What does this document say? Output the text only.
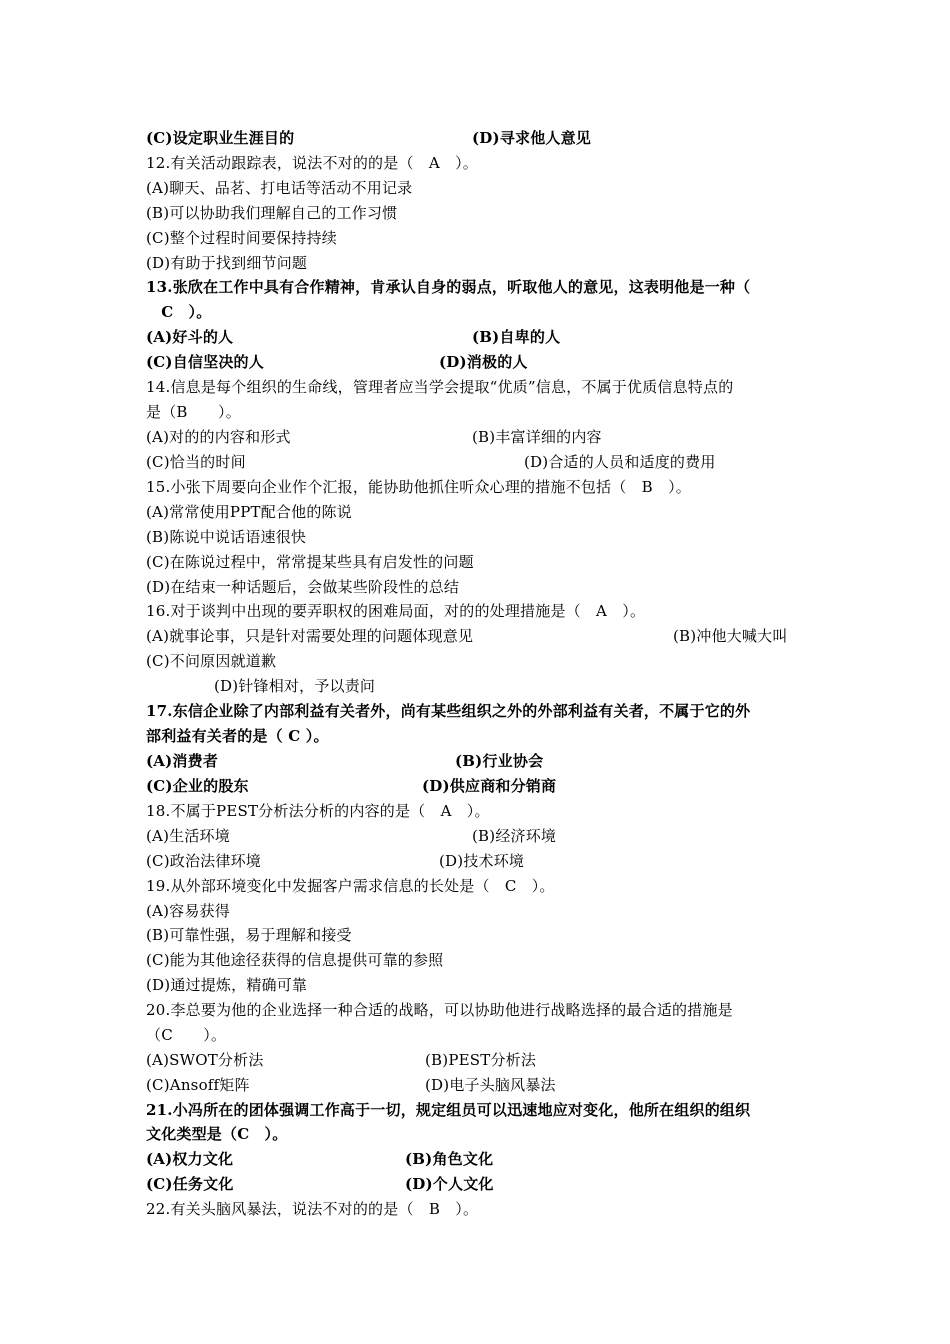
(C)设定职业生涯目的	(D)寻求他人意见
12.有关活动跟踪表，说法不对的的是（　A　）。
(A)聊天、品茗、打电话等活动不用记录
(B)可以协助我们理解自己的工作习惯
(C)整个过程时间要保持持续
(D)有助于找到细节问题
13.张欣在工作中具有合作精神，肯承认自身的弱点，听取他人的意见，这表明他是一种（
　C　）。
(A)好斗的人	(B)自卑的人
(C)自信坚决的人	(D)消极的人
14.信息是每个组织的生命线，管理者应当学会提取“优质”信息，不属于优质信息特点的
是（B　　）。
(A)对的的内容和形式	(B)丰富详细的内容
(C)恰当的时间	(D)合适的人员和适度的费用
15.小张下周要向企业作个汇报，能协助他抓住听众心理的措施不包括（　B　）。
(A)常常使用PPT配合他的陈说
(B)陈说中说话语速很快
(C)在陈说过程中，常常提某些具有启发性的问题
(D)在结束一种话题后，会做某些阶段性的总结
16.对于谈判中出现的要弄职权的困难局面，对的的处理措施是（　A　）。
(A)就事论事，只是针对需要处理的问题体现意见	(B)冲他大喊大叫
(C)不问原因就道歉
(D)针锋相对，予以责问
17.东信企业除了内部利益有关者外，尚有某些组织之外的外部利益有关者，不属于它的外
部利益有关者的是（ C ）。
(A)消费者	(B)行业协会
(C)企业的股东	(D)供应商和分销商
18.不属于PEST分析法分析的内容的是（　A　）。
(A)生活环境	(B)经济环境
(C)政治法律环境	(D)技术环境
19.从外部环境变化中发掘客户需求信息的长处是（　C　）。
(A)容易获得
(B)可靠性强，易于理解和接受
(C)能为其他途径获得的信息提供可靠的参照
(D)通过提炼，精确可靠
20.李总要为他的企业选择一种合适的战略，可以协助他进行战略选择的最合适的措施是
（C　　）。
(A)SWOT分析法	(B)PEST分析法
(C)Ansoff矩阵	(D)电子头脑风暴法
21.小冯所在的团体强调工作高于一切，规定组员可以迅速地应对变化，他所在组织的组织
文化类型是（C　）。
(A)权力文化	(B)角色文化
(C)任务文化	(D)个人文化
22.有关头脑风暴法，说法不对的的是（　B　）。
